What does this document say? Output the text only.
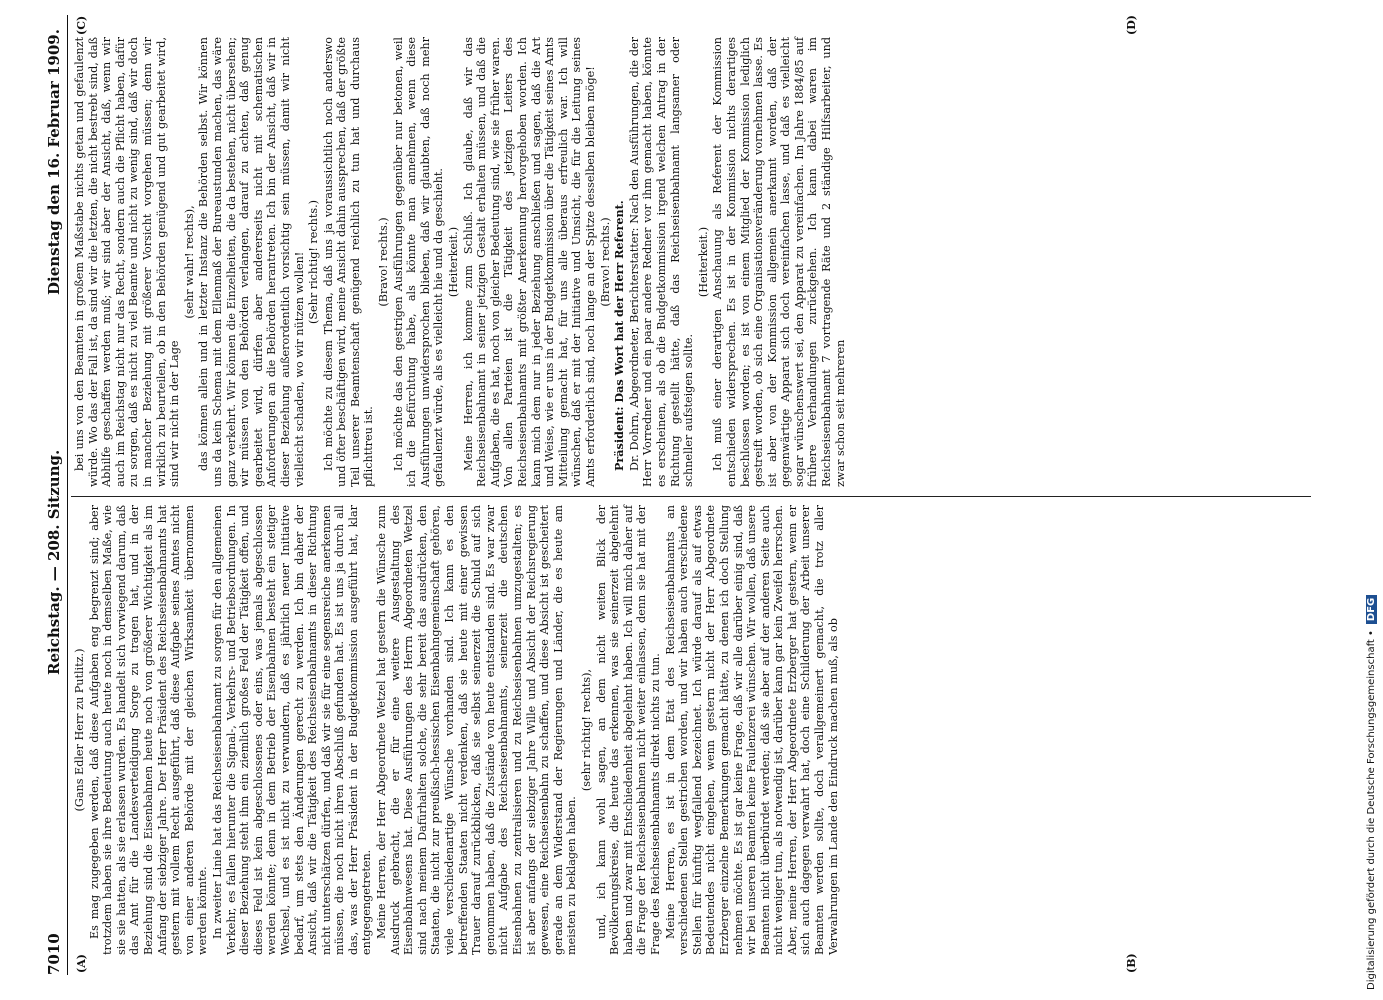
7010
Reichstag. — 208. Sitzung.
Dienstag den 16. Februar 1909.
(A)	(B)
(C)	(D)

(Gans Edler Herr zu Putlitz.) Es mag zugegeben werden, daß diese Aufgaben eng begrenzt sind; aber trotzdem haben sie ihre Bedeutung auch heute noch in demselben Maße, wie sie sie hatten, als sie erlassen wurden. Es handelt sich vorwiegend darum, daß das Amt für die Landesverteidigung Sorge zu tragen hat, und in der Beziehung sind die Eisenbahnen heute noch von größerer Wichtigkeit als im Anfang der siebziger Jahre. Der Herr Präsident des Reichseisenbahnamts hat gestern mit vollem Recht ausgeführt, daß diese Aufgabe seines Amtes nicht von einer anderen Behörde mit der gleichen Wirksamkeit übernommen werden könnte. In zweiter Linie hat das Reichseisenbahnamt zu sorgen für den allgemeinen Verkehr, es fallen hierunter die Signal-, Verkehrs- und Betriebsordnungen. In dieser Beziehung steht ihm ein ziemlich großes Feld der Tätigkeit offen, und dieses Feld ist kein abgeschlossenes oder eins, was jemals abgeschlossen werden könnte; denn in dem Betrieb der Eisenbahnen besteht ein stetiger Wechsel, und es ist nicht zu verwundern, daß es jährlich neuer Initiative bedarf, um stets den Änderungen gerecht zu werden. Ich bin daher der Ansicht, daß wir die Tätigkeit des Reichseisenbahnamts in dieser Richtung nicht unterschätzen dürfen, und daß wir sie für eine segensreiche anerkennen müssen, die noch nicht ihren Abschluß gefunden hat. Es ist uns ja durch all das, was der Herr Präsident in der Budgetkommission ausgeführt hat, klar entgegengetreten. Meine Herren, der Herr Abgeordnete Wetzel hat gestern die Wünsche zum Ausdruck gebracht, die er für eine weitere Ausgestaltung des Eisenbahnwesens hat. Diese Ausführungen des Herrn Abgeordneten Wetzel sind nach meinem Dafürhalten solche, die sehr bereit das ausdrücken, den Staaten, die nicht zur preußisch-hessischen Eisenbahngemeinschaft gehören, viele verschiedenartige Wünsche vorhanden sind. Ich kann es den betreffenden Staaten nicht verdenken, daß sie heute mit einer gewissen Trauer darauf zurückblicken, daß sie selbst seinerzeit die Schuld auf sich genommen haben, daß die Zustände von heute entstanden sind. Es war zwar nicht Aufgabe des Reichseisenbahnamts, seinerzeit die deutschen Eisenbahnen zu zentralisieren und zu Reichseisenbahnen umzugestalten; es ist aber anfangs der siebziger Jahre Wille und Absicht der Reichsregierung gewesen, eine Reichseisenbahn zu schaffen, und diese Absicht ist gescheitert gerade an dem Widerstand der Regierungen und Länder, die es heute am meisten zu beklagen haben.

(sehr richtig! rechts), und, ich kann wohl sagen, an dem nicht weiten Blick der Bevölkerungskreise, die heute das erkennen, was sie seinerzeit abgelehnt haben und zwar mit Entschiedenheit abgelehnt haben. Ich will mich daher auf die Frage der Reichseisenbahnen nicht weiter einlassen, denn sie hat mit der Frage des Reichseisenbahnamts direkt nichts zu tun. Meine Herren, es ist in dem Etat des Reichseisenbahnamts an verschiedenen Stellen gestrichen worden, und wir haben auch verschiedene Stellen für künftig wegfallend bezeichnet. Ich würde darauf als auf etwas Bedeutendes nicht eingehen, wenn gestern nicht der Herr Abgeordnete Erzberger einzelne Bemerkungen gemacht hätte, zu denen ich doch Stellung nehmen möchte. Es ist gar keine Frage, daß wir alle darüber einig sind, daß wir bei unseren Beamten keine Faulenzerei wünschen. Wir wollen, daß unsere Beamten nicht überbürdet werden; daß sie aber auf der anderen Seite auch nicht weniger tun, als notwendig ist, darüber kann gar kein Zweifel herrschen. Aber, meine Herren, der Herr Abgeordnete Erzberger hat gestern, wenn er sich auch dagegen verwahrt hat, doch eine Schilderung der Arbeit unserer Beamten werden sollte, doch verallgemeinert gemacht, die trotz aller Verwahrungen im Lande den Eindruck machen muß, als ob

bei uns von den Beamten in großem Maßstabe nichts getan und gefaulenzt würde. Wo das der Fall ist, da sind wir die letzten, die nicht bestrebt sind, daß Abhilfe geschaffen werden muß; wir sind aber der Ansicht, daß, wenn wir auch im Reichstag nicht nur das Recht, sondern auch die Pflicht haben, dafür zu sorgen, daß es nicht zu viel Beamte und nicht zu wenig sind, daß wir doch in mancher Beziehung mit größerer Vorsicht vorgehen müssen; denn wir wirklich zu beurteilen, ob in den Behörden genügend und gut gearbeitet wird, sind wir nicht in der Lage

(sehr wahr! rechts), das können allein und in letzter Instanz die Behörden selbst. Wir können uns da kein Schema mit dem Ellenmaß der Bureaustunden machen, das wäre ganz verkehrt. Wir können die Einzelheiten, die da bestehen, nicht übersehen; wir müssen von den Behörden verlangen, darauf zu achten, daß genug gearbeitet wird, dürfen aber andererseits nicht mit schematischen Anforderungen an die Behörden herantreten. Ich bin der Ansicht, daß wir in dieser Beziehung außerordentlich vorsichtig sein müssen, damit wir nicht vielleicht schaden, wo wir nützen wollen! (Sehr richtig! rechts.) Ich möchte zu diesem Thema, daß uns ja voraussichtlich noch anderswo und öfter beschäftigen wird, meine Ansicht dahin aussprechen, daß der größte Teil unserer Beamtenschaft genügend reichlich zu tun hat und durchaus pflichttreu ist.

(Bravo! rechts.) Ich möchte das den gestrigen Ausführungen gegenüber nur betonen, weil ich die Befürchtung habe, als könnte man annehmen, wenn diese Ausführungen unwidersprochen blieben, daß wir glaubten, daß noch mehr gefaulenzt würde, als es vielleicht hie und da geschieht. (Heiterkeit.) Meine Herren, ich komme zum Schluß. Ich glaube, daß wir das Reichseisenbahnamt in seiner jetzigen Gestalt erhalten müssen, und daß die Aufgaben, die es hat, noch von gleicher Bedeutung sind, wie sie früher waren. Von allen Parteien ist die Tätigkeit des jetzigen Leiters des Reichseisenbahnamts mit größter Anerkennung hervorgehoben worden. Ich kann mich dem nur in jeder Beziehung anschließen und sagen, daß die Art und Weise, wie er uns in der Budgetkommission über die Tätigkeit seines Amts Mitteilung gemacht hat, für uns alle überaus erfreulich war. Ich will wünschen, daß er mit der Initiative und Umsicht, die für die Leitung seines Amts erforderlich sind, noch lange an der Spitze desselben bleiben möge! (Bravo! rechts.) Präsident: Das Wort hat der Herr Referent. Dr. Dohrn, Abgeordneter, Berichterstatter: Nach den Ausführungen, die der Herr Vorredner und ein paar andere Redner vor ihm gemacht haben, könnte es erscheinen, als ob die Budgetkommission irgend welchen Antrag in der Richtung gestellt hätte, daß das Reichseisenbahnamt langsamer oder schneller aufsteigen sollte.

(Heiterkeit.) Ich muß einer derartigen Anschauung als Referent der Kommission entschieden widersprechen. Es ist in der Kommission nichts derartiges beschlossen worden; es ist von einem Mitglied der Kommission lediglich gestreift worden, ob sich eine Organisationsveränderung vornehmen lasse. Es ist aber von der Kommission allgemein anerkannt worden, daß der gegenwärtige Apparat sich doch vereinfachen lasse, und daß es vielleicht sogar wünschenswert sei, den Apparat zu vereinfachen. Im Jahre 1884/85 auf frühere Verhandlungen zurückgehen. Ich kann dabei waren im Reichseisenbahnamt 7 vortragende Räte und 2 ständige Hilfsarbeiter, und zwar schon seit mehreren

Digitalisierung gefördert durch die Deutsche Forschungsgemeinschaft •DFG
